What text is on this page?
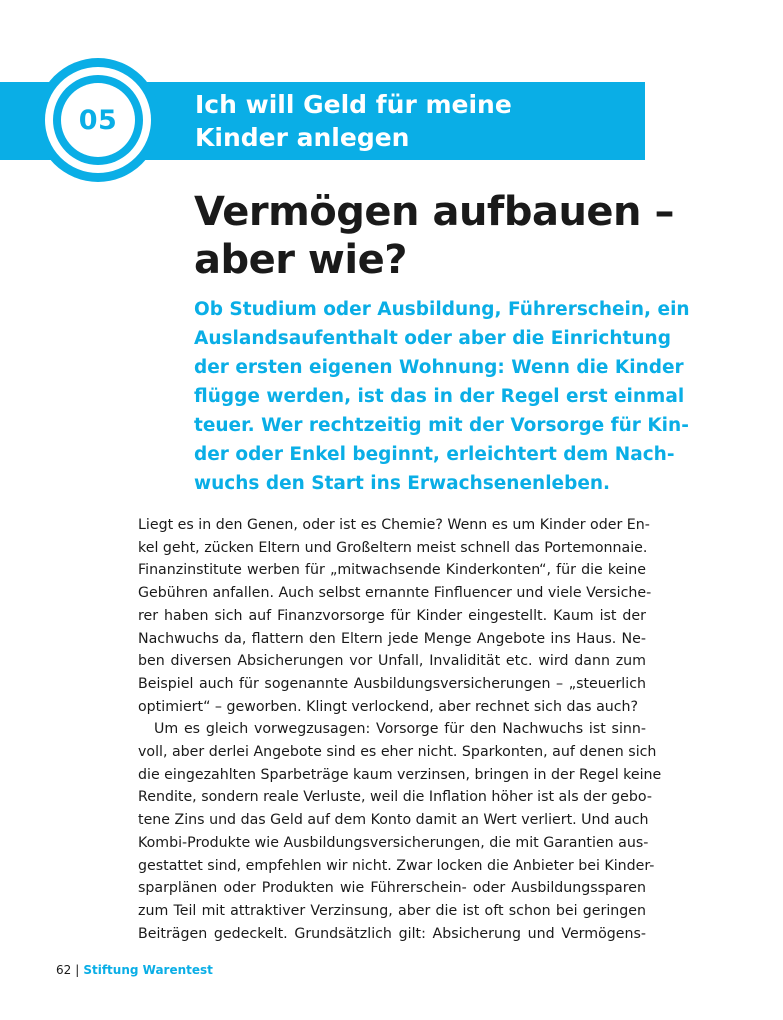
05	Ich will Geld für meine
Kinder anlegen
Vermögen aufbauen –
aber wie?
Ob Studium oder Ausbildung, Führerschein, ein
Auslandsaufenthalt oder aber die Einrichtung
der ersten eigenen Wohnung: Wenn die Kinder
flügge werden, ist das in der Regel erst einmal
teuer. Wer rechtzeitig mit der Vorsorge für Kin-
der oder Enkel beginnt, erleichtert dem Nach-
wuchs den Start ins Erwachsenenleben.
Liegt es in den Genen, oder ist es Chemie? Wenn es um Kinder oder En-
kel geht, zücken Eltern und Großeltern meist schnell das Portemonnaie.
Finanzinstitute werben für „mitwachsende Kinderkonten“, für die keine
Gebühren anfallen. Auch selbst ernannte Finfluencer und viele Versiche-
rer haben sich auf Finanzvorsorge für Kinder eingestellt. Kaum ist der
Nachwuchs da, flattern den Eltern jede Menge Angebote ins Haus. Ne-
ben diversen Absicherungen vor Unfall, Invalidität etc. wird dann zum
Beispiel auch für sogenannte Ausbildungsversicherungen – „steuerlich
optimiert“ – geworben. Klingt verlockend, aber rechnet sich das auch?
Um es gleich vorwegzusagen: Vorsorge für den Nachwuchs ist sinn-
voll, aber derlei Angebote sind es eher nicht. Sparkonten, auf denen sich
die eingezahlten Sparbeträge kaum verzinsen, bringen in der Regel keine
Rendite, sondern reale Verluste, weil die Inflation höher ist als der gebo-
tene Zins und das Geld auf dem Konto damit an Wert verliert. Und auch
Kombi-Produkte wie Ausbildungsversicherungen, die mit Garantien aus-
gestattet sind, empfehlen wir nicht. Zwar locken die Anbieter bei Kinder-
sparplänen oder Produkten wie Führerschein- oder Ausbildungssparen
zum Teil mit attraktiver Verzinsung, aber die ist oft schon bei geringen
Beiträgen gedeckelt. Grundsätzlich gilt: Absicherung und Vermögens-
62 | Stiftung Warentest
